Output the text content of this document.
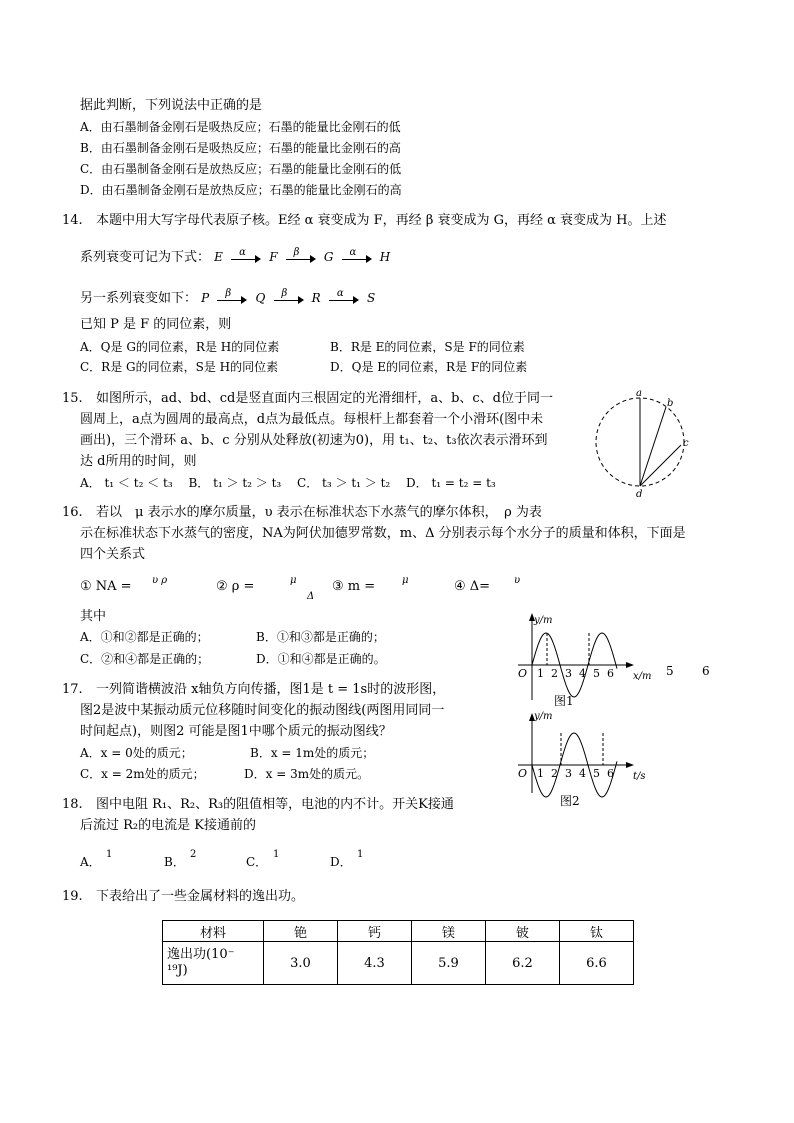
据此判断，下列说法中正确的是
A．由石墨制备金刚石是吸热反应；石墨的能量比金刚石的低
B．由石墨制备金刚石是吸热反应；石墨的能量比金刚石的高
C．由石墨制备金刚石是放热反应；石墨的能量比金刚石的低
D．由石墨制备金刚石是放热反应；石墨的能量比金刚石的高
14. 本题中用大写字母代表原子核。E经 α 衰变成为 F，再经 β 衰变成为 G，再经 α 衰变成为 H。上述
系列衰变可记为下式： E α F β G α H
另一系列衰变如下： P β Q β R α S
已知 P 是 F 的同位素，则
A．Q是 G的同位素，R是 H的同位素	B．R是 E的同位素，S是 F的同位素
C．R是 G的同位素，S是 H的同位素	D．Q是 E的同位素，R是 F的同位素
15. 如图所示，ad、bd、cd是竖直面内三根固定的光滑细杆，a、b、c、d位于同一
圆周上，a点为圆周的最高点，d点为最低点。每根杆上都套着一个小滑环(图中未
画出)，三个滑环 a、b、c 分别从处释放(初速为0)，用 t₁、t₂、t₃依次表示滑环到
达 d所用的时间，则
A． t₁ ＜ t₂ ＜ t₃　 B． t₁ ＞ t₂ ＞ t₃　 C． t₃ ＞ t₁ ＞ t₂　 D． t₁ = t₂ = t₃
a
b
c
d
16. 若以　μ 表示水的摩尔质量，υ 表示在标准状态下水蒸气的摩尔体积，　ρ 为表
示在标准状态下水蒸气的密度，NA为阿伏加德罗常数，m、Δ 分别表示每个水分子的质量和体积，下面是
四个关系式
① NA = υ ρ	② ρ =	μ
Δ
③ m =	μ	④ Δ= υ
其中
A．①和②都是正确的；	B．①和③都是正确的；
C．②和④都是正确的；	D．①和④都是正确的。
y/m
O 1 2 3 4 5 6 x/m 5 6
图1
y/m
O 1 2 3 4 5 6 t/s
图2
17. 一列简谐横波沿 x轴负方向传播，图1是 t = 1s时的波形图，
图2是波中某振动质元位移随时间变化的振动图线(两图用同同一
时间起点)，则图2 可能是图1中哪个质元的振动图线？
A．x = 0处的质元；	B．x = 1m处的质元；
C．x = 2m处的质元；	D．x = 3m处的质元。
18. 图中电阻 R₁、R₂、R₃的阻值相等，电池的内不计。开关K接通
后流过 R₂的电流是 K接通前的
A．
1
B．
2
C．
1
D．
1
19. 下表给出了一些金属材料的逸出功。
材料	铯	钙	镁	铍	钛
逸出功(10⁻
¹⁹J)	3.0	4.3	5.9	6.2	6.6
